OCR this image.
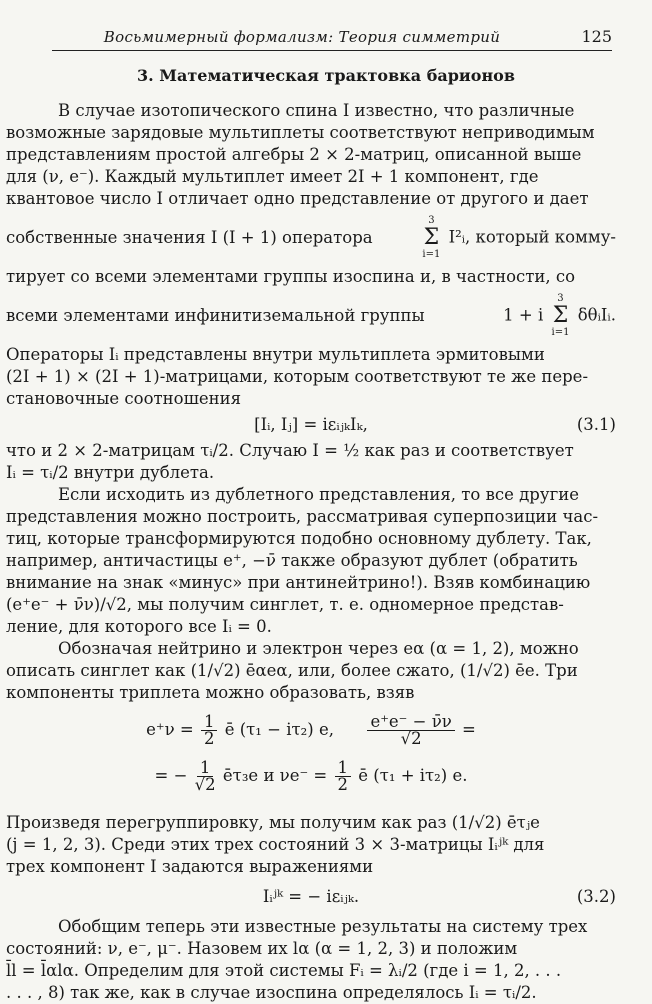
Восьмимерный формализм: Теория симметрий	125
3. Математическая трактовка барионов

В случае изотопического спина I известно, что различные

возможные зарядовые мультиплеты соответствуют неприводимым

представлениям простой алгебры 2 × 2-матриц, описанной выше

для (ν, e⁻). Каждый мультиплет имеет 2I + 1 компонент, где

квантовое число I отличает одно представление от другого и дает

собственные значения I (I + 1) оператора
3
Σ
i=1
I²ᵢ, который комму-

тирует со всеми элементами группы изоспина и, в частности, со

всеми элементами инфинитиземальной группы	1 + i
3
Σ
i=1
δθᵢIᵢ.

Операторы Iᵢ представлены внутри мультиплета эрмитовыми

(2I + 1) × (2I + 1)-матрицами, которым соответствуют те же пере-

становочные соотношения

[Iᵢ, Iⱼ] = iεᵢⱼₖIₖ,	(3.1)

что и 2 × 2-матрицам τᵢ/2. Случаю I = ½ как раз и соответствует

Iᵢ = τᵢ/2 внутри дублета.

Если исходить из дублетного представления, то все другие

представления можно построить, рассматривая суперпозиции час-

тиц, которые трансформируются подобно основному дублету. Так,

например, античастицы e⁺, −ν̄ также образуют дублет (обратить

внимание на знак «минус» при антинейтрино!). Взяв комбинацию

(e⁺e⁻ + ν̄ν)/√2, мы получим синглет, т. е. одномерное представ-

ление, для которого все Iᵢ = 0.

Обозначая нейтрино и электрон через eα (α = 1, 2), можно

описать синглет как (1/√2) ēαeα, или, более сжато, (1/√2) ēe. Три

компоненты триплета можно образовать, взяв

$e^+\nu = \frac{1}{2}$ ē (τ₁ − iτ₂) e, $\frac{e^+e^- - \nū\nu}{√2}$ =
= − $\frac{1}{√2}$ ēτ₃e и $\nu e^- = \frac{1}{2}$ ē (τ₁ + iτ₂) e.

Произведя перегруппировку, мы получим как раз (1/√2) ēτⱼe

(j = 1, 2, 3). Среди этих трех состояний 3 × 3-матрицы Iᵢʲᵏ для

трех компонент I задаются выражениями

Iᵢʲᵏ = − iεᵢⱼₖ.	(3.2)

Обобщим теперь эти известные результаты на систему трех

состояний: ν, e⁻, μ⁻. Назовем их lα (α = 1, 2, 3) и положим

l̄l = l̄αlα. Определим для этой системы Fᵢ = λᵢ/2 (где i = 1, 2, . . .

. . . , 8) так же, как в случае изоспина определялось Iᵢ = τᵢ/2.
